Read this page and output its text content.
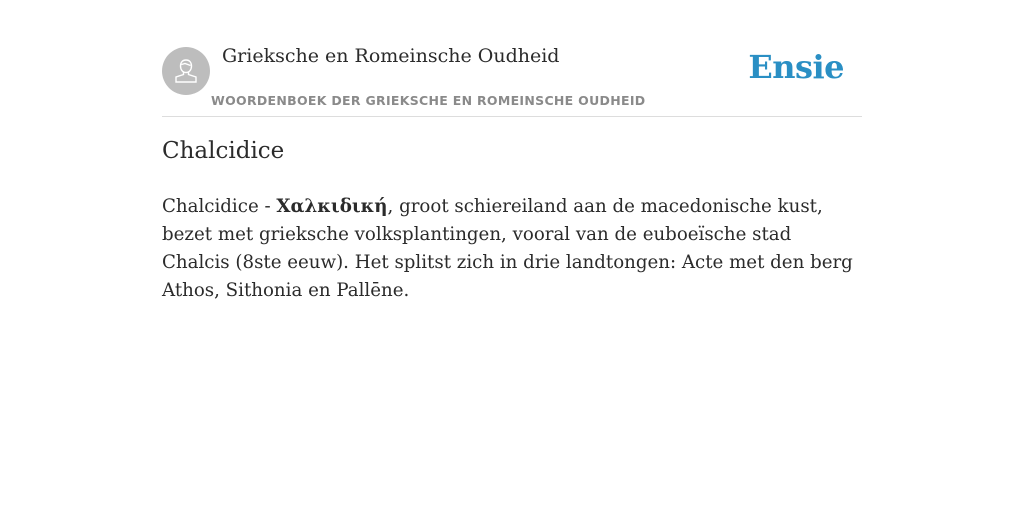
Grieksche en Romeinsche Oudheid
WOORDENBOEK DER GRIEKSCHE EN ROMEINSCHE OUDHEID
Ensie
Chalcidice

Chalcidice - Χαλκιδική, groot schiereiland aan de macedonische kust, bezet met grieksche volksplantingen, vooral van de euboeïsche stad Chalcis (8ste eeuw). Het splitst zich in drie landtongen: Acte met den berg Athos, Sithonia en Pallēne.
